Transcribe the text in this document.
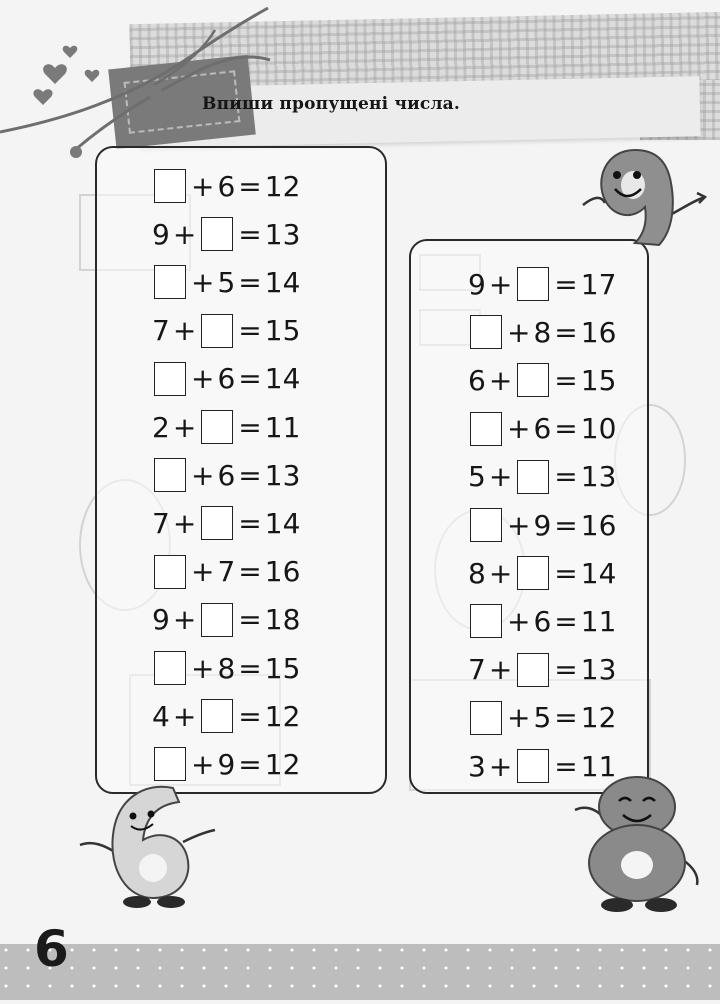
Впиши пропущені числа.
+ 6 = 12
9 + = 13
+ 5 = 14
7 + = 15
+ 6 = 14
2 + = 11
+ 6 = 13
7 + = 14
+ 7 = 16
9 + = 18
+ 8 = 15
4 + = 12
+ 9 = 12
9 + = 17
+ 8 = 16
6 + = 15
+ 6 = 10
5 + = 13
+ 9 = 16
8 + = 14
+ 6 = 11
7 + = 13
+ 5 = 12
3 + = 11
6
